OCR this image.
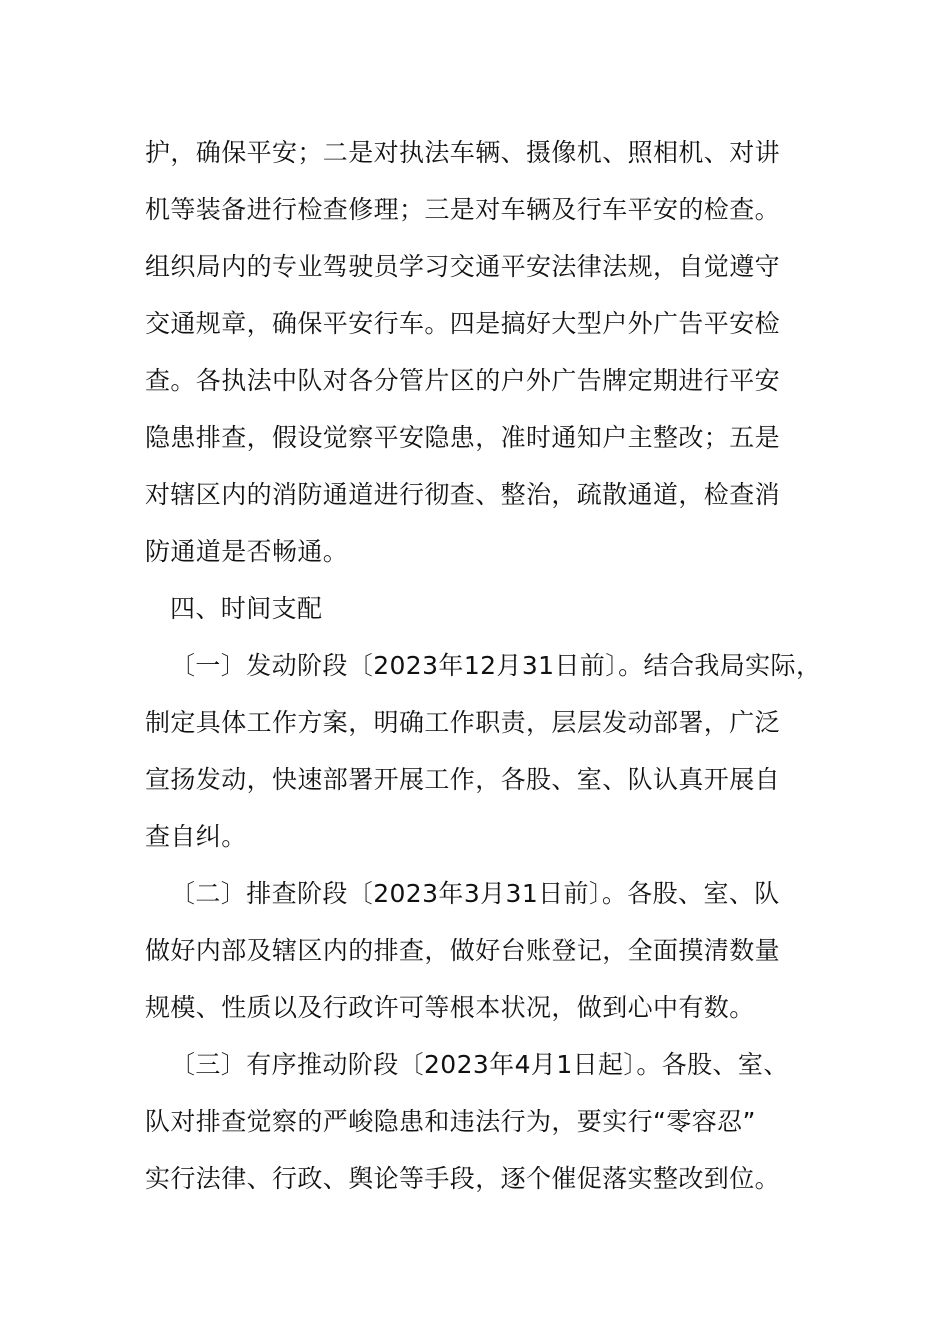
护，确保平安；二是对执法车辆、摄像机、照相机、对讲
机等装备进行检查修理；三是对车辆及行车平安的检查。
组织局内的专业驾驶员学习交通平安法律法规，自觉遵守
交通规章，确保平安行车。四是搞好大型户外广告平安检
查。各执法中队对各分管片区的户外广告牌定期进行平安
隐患排查，假设觉察平安隐患，准时通知户主整改；五是
对辖区内的消防通道进行彻查、整治，疏散通道，检查消
防通道是否畅通。
四、时间支配
〔一〕发动阶段〔2023年12月31日前〕。结合我局实际，
制定具体工作方案，明确工作职责，层层发动部署，广泛
宣扬发动，快速部署开展工作，各股、室、队认真开展自
查自纠。
〔二〕排查阶段〔2023年3月31日前〕。各股、室、队
做好内部及辖区内的排查，做好台账登记，全面摸清数量
规模、性质以及行政许可等根本状况，做到心中有数。
〔三〕有序推动阶段〔2023年4月1日起〕。各股、室、
队对排查觉察的严峻隐患和违法行为，要实行“零容忍”
实行法律、行政、舆论等手段，逐个催促落实整改到位。
